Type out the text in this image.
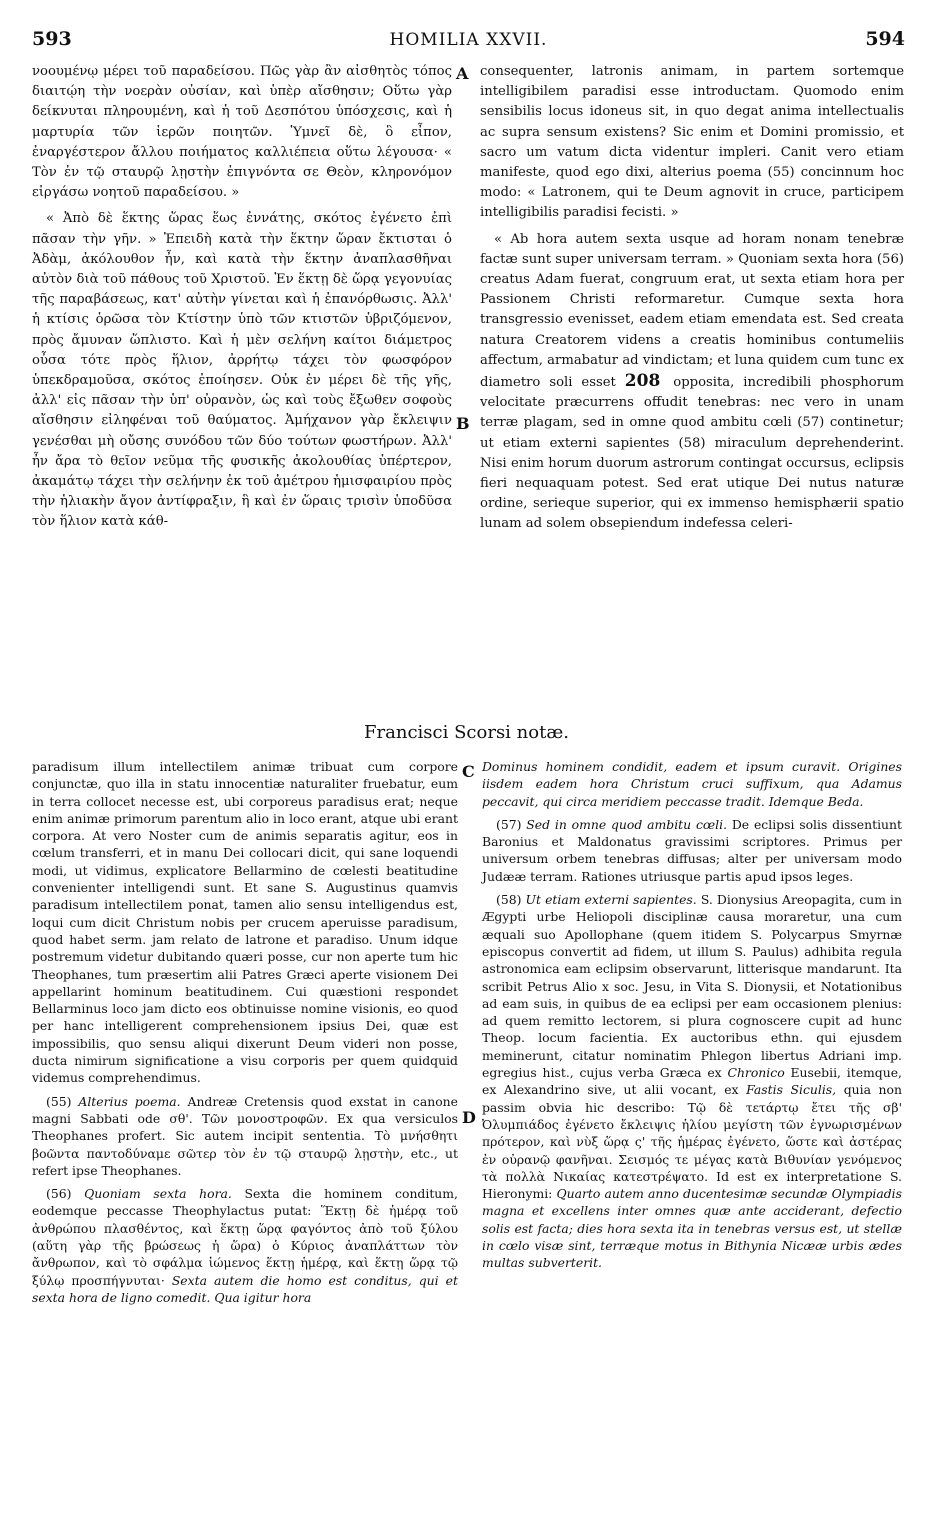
593	HOMILIA XXVII.	594
A
B
C
D

νοουμένῳ μέρει τοῦ παραδείσου. Πῶς γὰρ ἂν αἰσθητὸς τόπος διαιτῴη τὴν νοερὰν οὐσίαν, καὶ ὑπὲρ αἴσθησιν; Οὕτω γὰρ δείκνυται πληρουμένη, καὶ ἡ τοῦ Δεσπότου ὑπόσχεσις, καὶ ἡ μαρτυρία τῶν ἱερῶν ποιητῶν. Ὑμνεῖ δὲ, ὃ εἶπον, ἐναργέστερον ἄλλου ποιήματος καλλιέπεια οὕτω λέγουσα· « Τὸν ἐν τῷ σταυρῷ λῃστὴν ἐπιγνόντα σε Θεὸν, κληρονόμον εἰργάσω νοητοῦ παραδείσου. »

« Ἀπὸ δὲ ἕκτης ὥρας ἕως ἐννάτης, σκότος ἐγένετο ἐπὶ πᾶσαν τὴν γῆν. » Ἐπειδὴ κατὰ τὴν ἕκτην ὥραν ἔκτισται ὁ Ἀδὰμ, ἀκόλουθον ἦν, καὶ κατὰ τὴν ἕκτην ἀναπλασθῆναι αὐτὸν διὰ τοῦ πάθους τοῦ Χριστοῦ. Ἐν ἕκτῃ δὲ ὥρᾳ γεγονυίας τῆς παραβάσεως, κατ' αὐτὴν γίνεται καὶ ἡ ἐπανόρθωσις. Ἀλλ' ἡ κτίσις ὁρῶσα τὸν Κτίστην ὑπὸ τῶν κτιστῶν ὑβριζόμενον, πρὸς ἄμυναν ὥπλιστο. Καὶ ἡ μὲν σελήνη καίτοι διάμετρος οὖσα τότε πρὸς ἥλιον, ἀρρήτῳ τάχει τὸν φωσφόρον ὑπεκδραμοῦσα, σκότος ἐποίησεν. Οὐκ ἐν μέρει δὲ τῆς γῆς, ἀλλ' εἰς πᾶσαν τὴν ὑπ' οὐρανὸν, ὡς καὶ τοὺς ἔξωθεν σοφοὺς αἴσθησιν εἰληφέναι τοῦ θαύματος. Ἀμήχανον γὰρ ἔκλειψιν γενέσθαι μὴ οὔσης συνόδου τῶν δύο τούτων φωστήρων. Ἀλλ' ἦν ἄρα τὸ θεῖον νεῦμα τῆς φυσικῆς ἀκολουθίας ὑπέρτερον, ἀκαμάτῳ τάχει τὴν σελήνην ἐκ τοῦ ἀμέτρου ἡμισφαιρίου πρὸς τὴν ἡλιακὴν ἄγον ἀντίφραξιν, ἣ καὶ ἐν ὥραις τρισὶν ὑποδῦσα τὸν ἥλιον κατὰ κάθ-

consequenter, latronis animam, in partem sortemque intelligibilem paradisi esse introductam. Quomodo enim sensibilis locus idoneus sit, in quo degat anima intellectualis ac supra sensum existens? Sic enim et Domini promissio, et sacro um vatum dicta videntur impleri. Canit vero etiam manifeste, quod ego dixi, alterius poema (55) concinnum hoc modo: « Latronem, qui te Deum agnovit in cruce, participem intelligibilis paradisi fecisti. »

« Ab hora autem sexta usque ad horam nonam tenebræ factæ sunt super universam terram. » Quoniam sexta hora (56) creatus Adam fuerat, congruum erat, ut sexta etiam hora per Passionem Christi reformaretur. Cumque sexta hora transgressio evenisset, eadem etiam emendata est. Sed creata natura Creatorem videns a creatis hominibus contumeliis affectum, armabatur ad vindictam; et luna quidem cum tunc ex diametro soli esset 208 opposita, incredibili phosphorum velocitate præcurrens offudit tenebras: nec vero in unam terræ plagam, sed in omne quod ambitu cœli (57) continetur; ut etiam externi sapientes (58) miraculum deprehenderint. Nisi enim horum duorum astrorum contingat occursus, eclipsis fieri nequaquam potest. Sed erat utique Dei nutus naturæ ordine, serieque superior, qui ex immenso hemisphærii spatio lunam ad solem obsepiendum indefessa celeri-

Francisci Scorsi notæ.

paradisum illum intellectilem animæ tribuat cum corpore conjunctæ, quo illa in statu innocentiæ naturaliter fruebatur, eum in terra collocet necesse est, ubi corporeus paradisus erat; neque enim animæ primorum parentum alio in loco erant, atque ubi erant corpora. At vero Noster cum de animis separatis agitur, eos in cœlum transferri, et in manu Dei collocari dicit, qui sane loquendi modi, ut vidimus, explicatore Bellarmino de cœlesti beatitudine convenienter intelligendi sunt. Et sane S. Augustinus quamvis paradisum intellectilem ponat, tamen alio sensu intelligendus est, loqui cum dicit Christum nobis per crucem aperuisse paradisum, quod habet serm. jam relato de latrone et paradiso. Unum idque postremum videtur dubitando quæri posse, cur non aperte tum hic Theophanes, tum præsertim alii Patres Græci aperte visionem Dei appellarint hominum beatitudinem. Cui quæstioni respondet Bellarminus loco jam dicto eos obtinuisse nomine visionis, eo quod per hanc intelligerent comprehensionem ipsius Dei, quæ est impossibilis, quo sensu aliqui dixerunt Deum videri non posse, ducta nimirum significatione a visu corporis per quem quidquid videmus comprehendimus.

(55) Alterius poema. Andreæ Cretensis quod exstat in canone magni Sabbati ode σθ'. Τῶν μονοστροφῶν. Ex qua versiculos Theophanes profert. Sic autem incipit sententia. Τὸ μνήσθητι βοῶντα παντοδύναμε σῶτερ τὸν ἐν τῷ σταυρῷ λῃστὴν, etc., ut refert ipse Theophanes.

(56) Quoniam sexta hora. Sexta die hominem conditum, eodemque peccasse Theophylactus putat: Ἕκτῃ δὲ ἡμέρᾳ τοῦ ἀνθρώπου πλασθέντος, καὶ ἕκτῃ ὥρᾳ φαγόντος ἀπὸ τοῦ ξύλου (αὕτη γὰρ τῆς βρώσεως ἡ ὥρα) ὁ Κύριος ἀναπλάττων τὸν ἄνθρωπον, καὶ τὸ σφάλμα ἰώμενος ἕκτῃ ἡμέρᾳ, καὶ ἕκτῃ ὥρᾳ τῷ ξύλῳ προσπήγνυται· Sexta autem die homo est conditus, qui et sexta hora de ligno comedit. Qua igitur hora

Dominus hominem condidit, eadem et ipsum curavit. Origines iisdem eadem hora Christum cruci suffixum, qua Adamus peccavit, qui circa meridiem peccasse tradit. Idemque Beda.

(57) Sed in omne quod ambitu cœli. De eclipsi solis dissentiunt Baronius et Maldonatus gravissimi scriptores. Primus per universum orbem tenebras diffusas; alter per universam modo Judææ terram. Rationes utriusque partis apud ipsos leges.

(58) Ut etiam externi sapientes. S. Dionysius Areopagita, cum in Ægypti urbe Heliopoli disciplinæ causa moraretur, una cum æquali suo Apollophane (quem itidem S. Polycarpus Smyrnæ episcopus convertit ad fidem, ut illum S. Paulus) adhibita regula astronomica eam eclipsim observarunt, litterisque mandarunt. Ita scribit Petrus Alio x soc. Jesu, in Vita S. Dionysii, et Notationibus ad eam suis, in quibus de ea eclipsi per eam occasionem plenius: ad quem remitto lectorem, si plura cognoscere cupit ad hunc Theop. locum facientia. Ex auctoribus ethn. qui ejusdem meminerunt, citatur nominatim Phlegon libertus Adriani imp. egregius hist., cujus verba Græca ex Chronico Eusebii, itemque, ex Alexandrino sive, ut alii vocant, ex Fastis Siculis, quia non passim obvia hic describo: Τῷ δὲ τετάρτῳ ἔτει τῆς σβ' Ὀλυμπιάδος ἐγένετο ἔκλειψις ἡλίου μεγίστη τῶν ἐγνωρισμένων πρότερον, καὶ νὺξ ὥρᾳ ς' τῆς ἡμέρας ἐγένετο, ὥστε καὶ ἀστέρας ἐν οὐρανῷ φανῆναι. Σεισμός τε μέγας κατὰ Βιθυνίαν γενόμενος τὰ πολλὰ Νικαίας κατεστρέψατο. Id est ex interpretatione S. Hieronymi: Quarto autem anno ducentesimæ secundæ Olympiadis magna et excellens inter omnes quæ ante acciderant, defectio solis est facta; dies hora sexta ita in tenebras versus est, ut stellæ in cœlo visæ sint, terræque motus in Bithynia Nicææ urbis ædes multas subverterit.
